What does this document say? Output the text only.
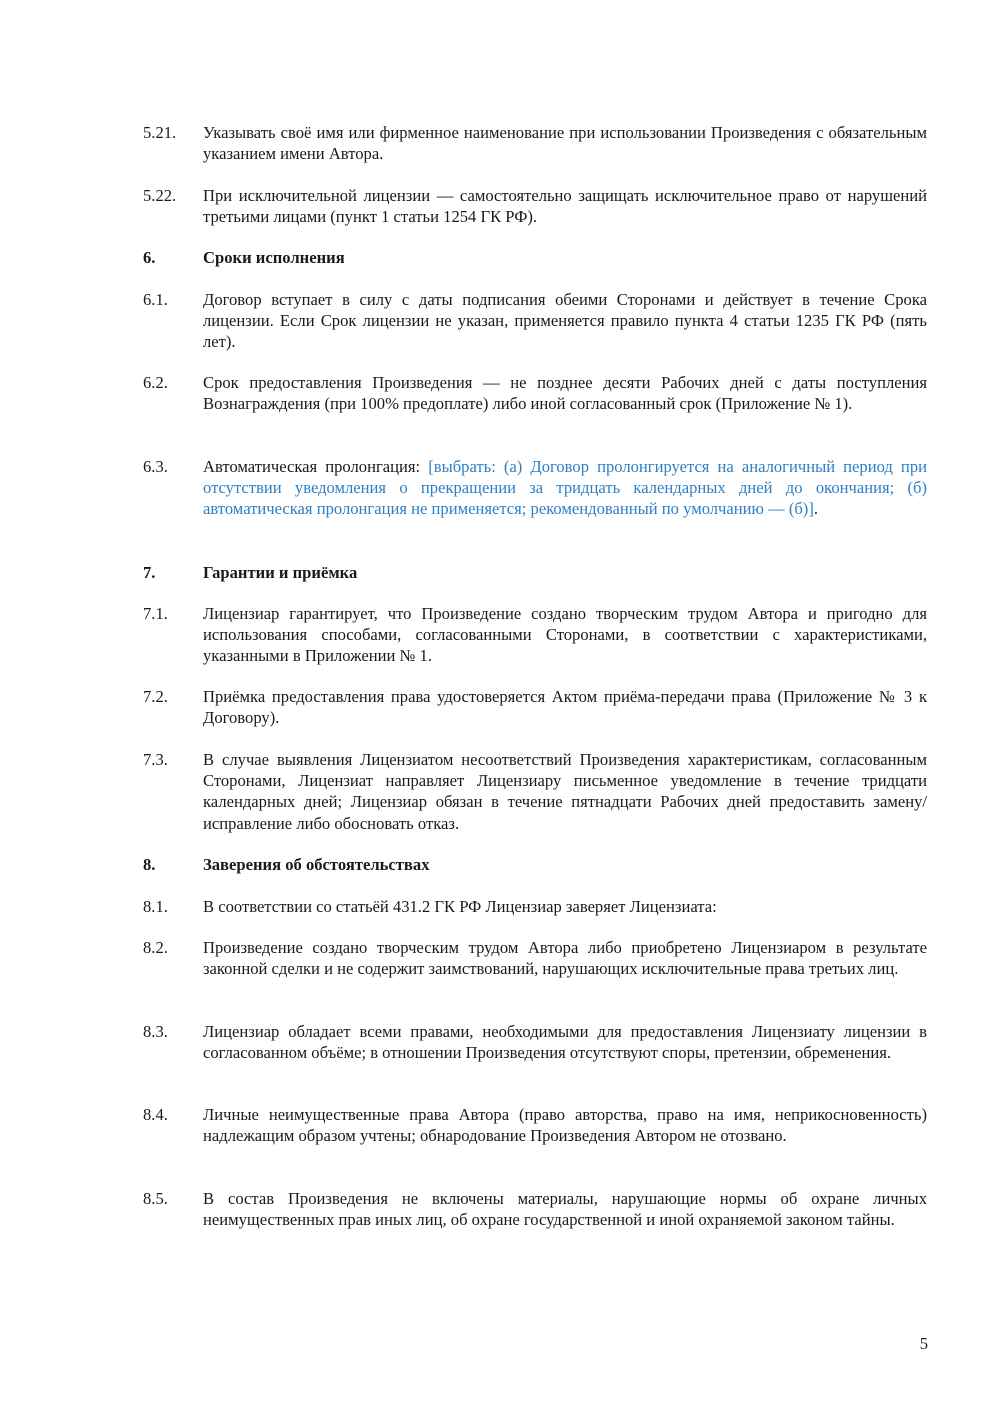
5.21.	Указывать своё имя или фирменное наименование при использовании Произведения с обязательным указанием имени Автора.
5.22.	При исключительной лицензии — самостоятельно защищать исключительное право от нарушений третьими лицами (пункт 1 статьи 1254 ГК РФ).
6.	Сроки исполнения
6.1.	Договор вступает в силу с даты подписания обеими Сторонами и действует в течение Срока лицензии. Если Срок лицензии не указан, применяется правило пункта 4 статьи 1235 ГК РФ (пять лет).
6.2.	Срок предоставления Произведения — не позднее десяти Рабочих дней с даты поступления Вознаграждения (при 100% предоплате) либо иной согласованный срок (Приложение № 1).
6.3.	Автоматическая пролонгация: [выбрать: (а) Договор пролонгируется на аналогичный период при отсутствии уведомления о прекращении за тридцать календарных дней до окончания; (б) автоматическая пролонгация не применяется; рекомендованный по умолчанию — (б)].
7.	Гарантии и приёмка
7.1.	Лицензиар гарантирует, что Произведение создано творческим трудом Автора и пригодно для использования способами, согласованными Сторонами, в соответствии с характеристиками, указанными в Приложении № 1.
7.2.	Приёмка предоставления права удостоверяется Актом приёма-передачи права (Приложение № 3 к Договору).
7.3.	В случае выявления Лицензиатом несоответствий Произведения характеристикам, согласованным Сторонами, Лицензиат направляет Лицензиару письменное уведомление в течение тридцати календарных дней; Лицензиар обязан в течение пятнадцати Рабочих дней предоставить замену/исправление либо обосновать отказ.
8.	Заверения об обстоятельствах
8.1.	В соответствии со статьёй 431.2 ГК РФ Лицензиар заверяет Лицензиата:
8.2.	Произведение создано творческим трудом Автора либо приобретено Лицензиаром в результате законной сделки и не содержит заимствований, нарушающих исключительные права третьих лиц.
8.3.	Лицензиар обладает всеми правами, необходимыми для предоставления Лицензиату лицензии в согласованном объёме; в отношении Произведения отсутствуют споры, претензии, обременения.
8.4.	Личные неимущественные права Автора (право авторства, право на имя, неприкосновенность) надлежащим образом учтены; обнародование Произведения Автором не отозвано.
8.5.	В состав Произведения не включены материалы, нарушающие нормы об охране личных неимущественных прав иных лиц, об охране государственной и иной охраняемой законом тайны.
5
